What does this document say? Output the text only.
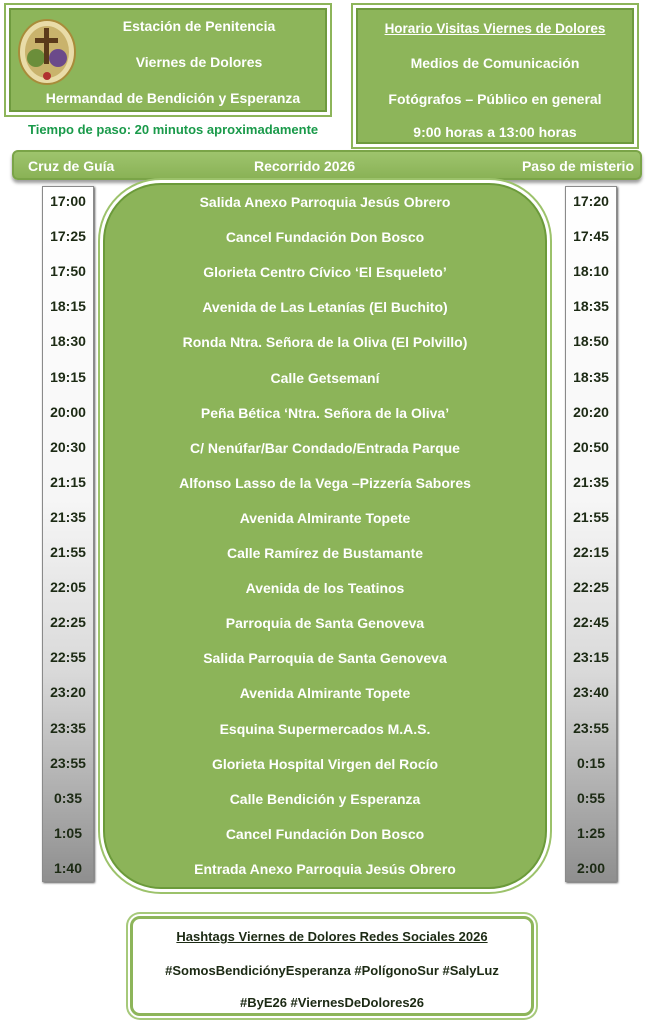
Estación de Penitencia
Viernes de Dolores
Hermandad de Bendición y Esperanza
Horario Visitas Viernes de Dolores
Medios de Comunicación
Fotógrafos – Público en general
9:00 horas a 13:00 horas
Tiempo de paso: 20 minutos aproximadamente
Cruz de Guía	Recorrido 2026	Paso de misterio
17:00
17:25
17:50
18:15
18:30
19:15
20:00
20:30
21:15
21:35
21:55
22:05
22:25
22:55
23:20
23:35
23:55
0:35
1:05
1:40
Salida Anexo Parroquia Jesús Obrero
Cancel Fundación Don Bosco
Glorieta Centro Cívico ‘El Esqueleto’
Avenida de Las Letanías (El Buchito)
Ronda Ntra. Señora de la Oliva (El Polvillo)
Calle Getsemaní
Peña Bética ‘Ntra. Señora de la Oliva’
C/ Nenúfar/Bar Condado/Entrada Parque
Alfonso Lasso de la Vega –Pizzería Sabores
Avenida Almirante Topete
Calle Ramírez de Bustamante
Avenida de los Teatinos
Parroquia de Santa Genoveva
Salida Parroquia de Santa Genoveva
Avenida Almirante Topete
Esquina Supermercados M.A.S.
Glorieta Hospital Virgen del Rocío
Calle Bendición y Esperanza
Cancel Fundación Don Bosco
Entrada Anexo Parroquia Jesús Obrero
17:20
17:45
18:10
18:35
18:50
18:35
20:20
20:50
21:35
21:55
22:15
22:25
22:45
23:15
23:40
23:55
0:15
0:55
1:25
2:00
Hashtags Viernes de Dolores Redes Sociales 2026
#SomosBendiciónyEsperanza #PolígonoSur #SalyLuz
#ByE26 #ViernesDeDolores26
